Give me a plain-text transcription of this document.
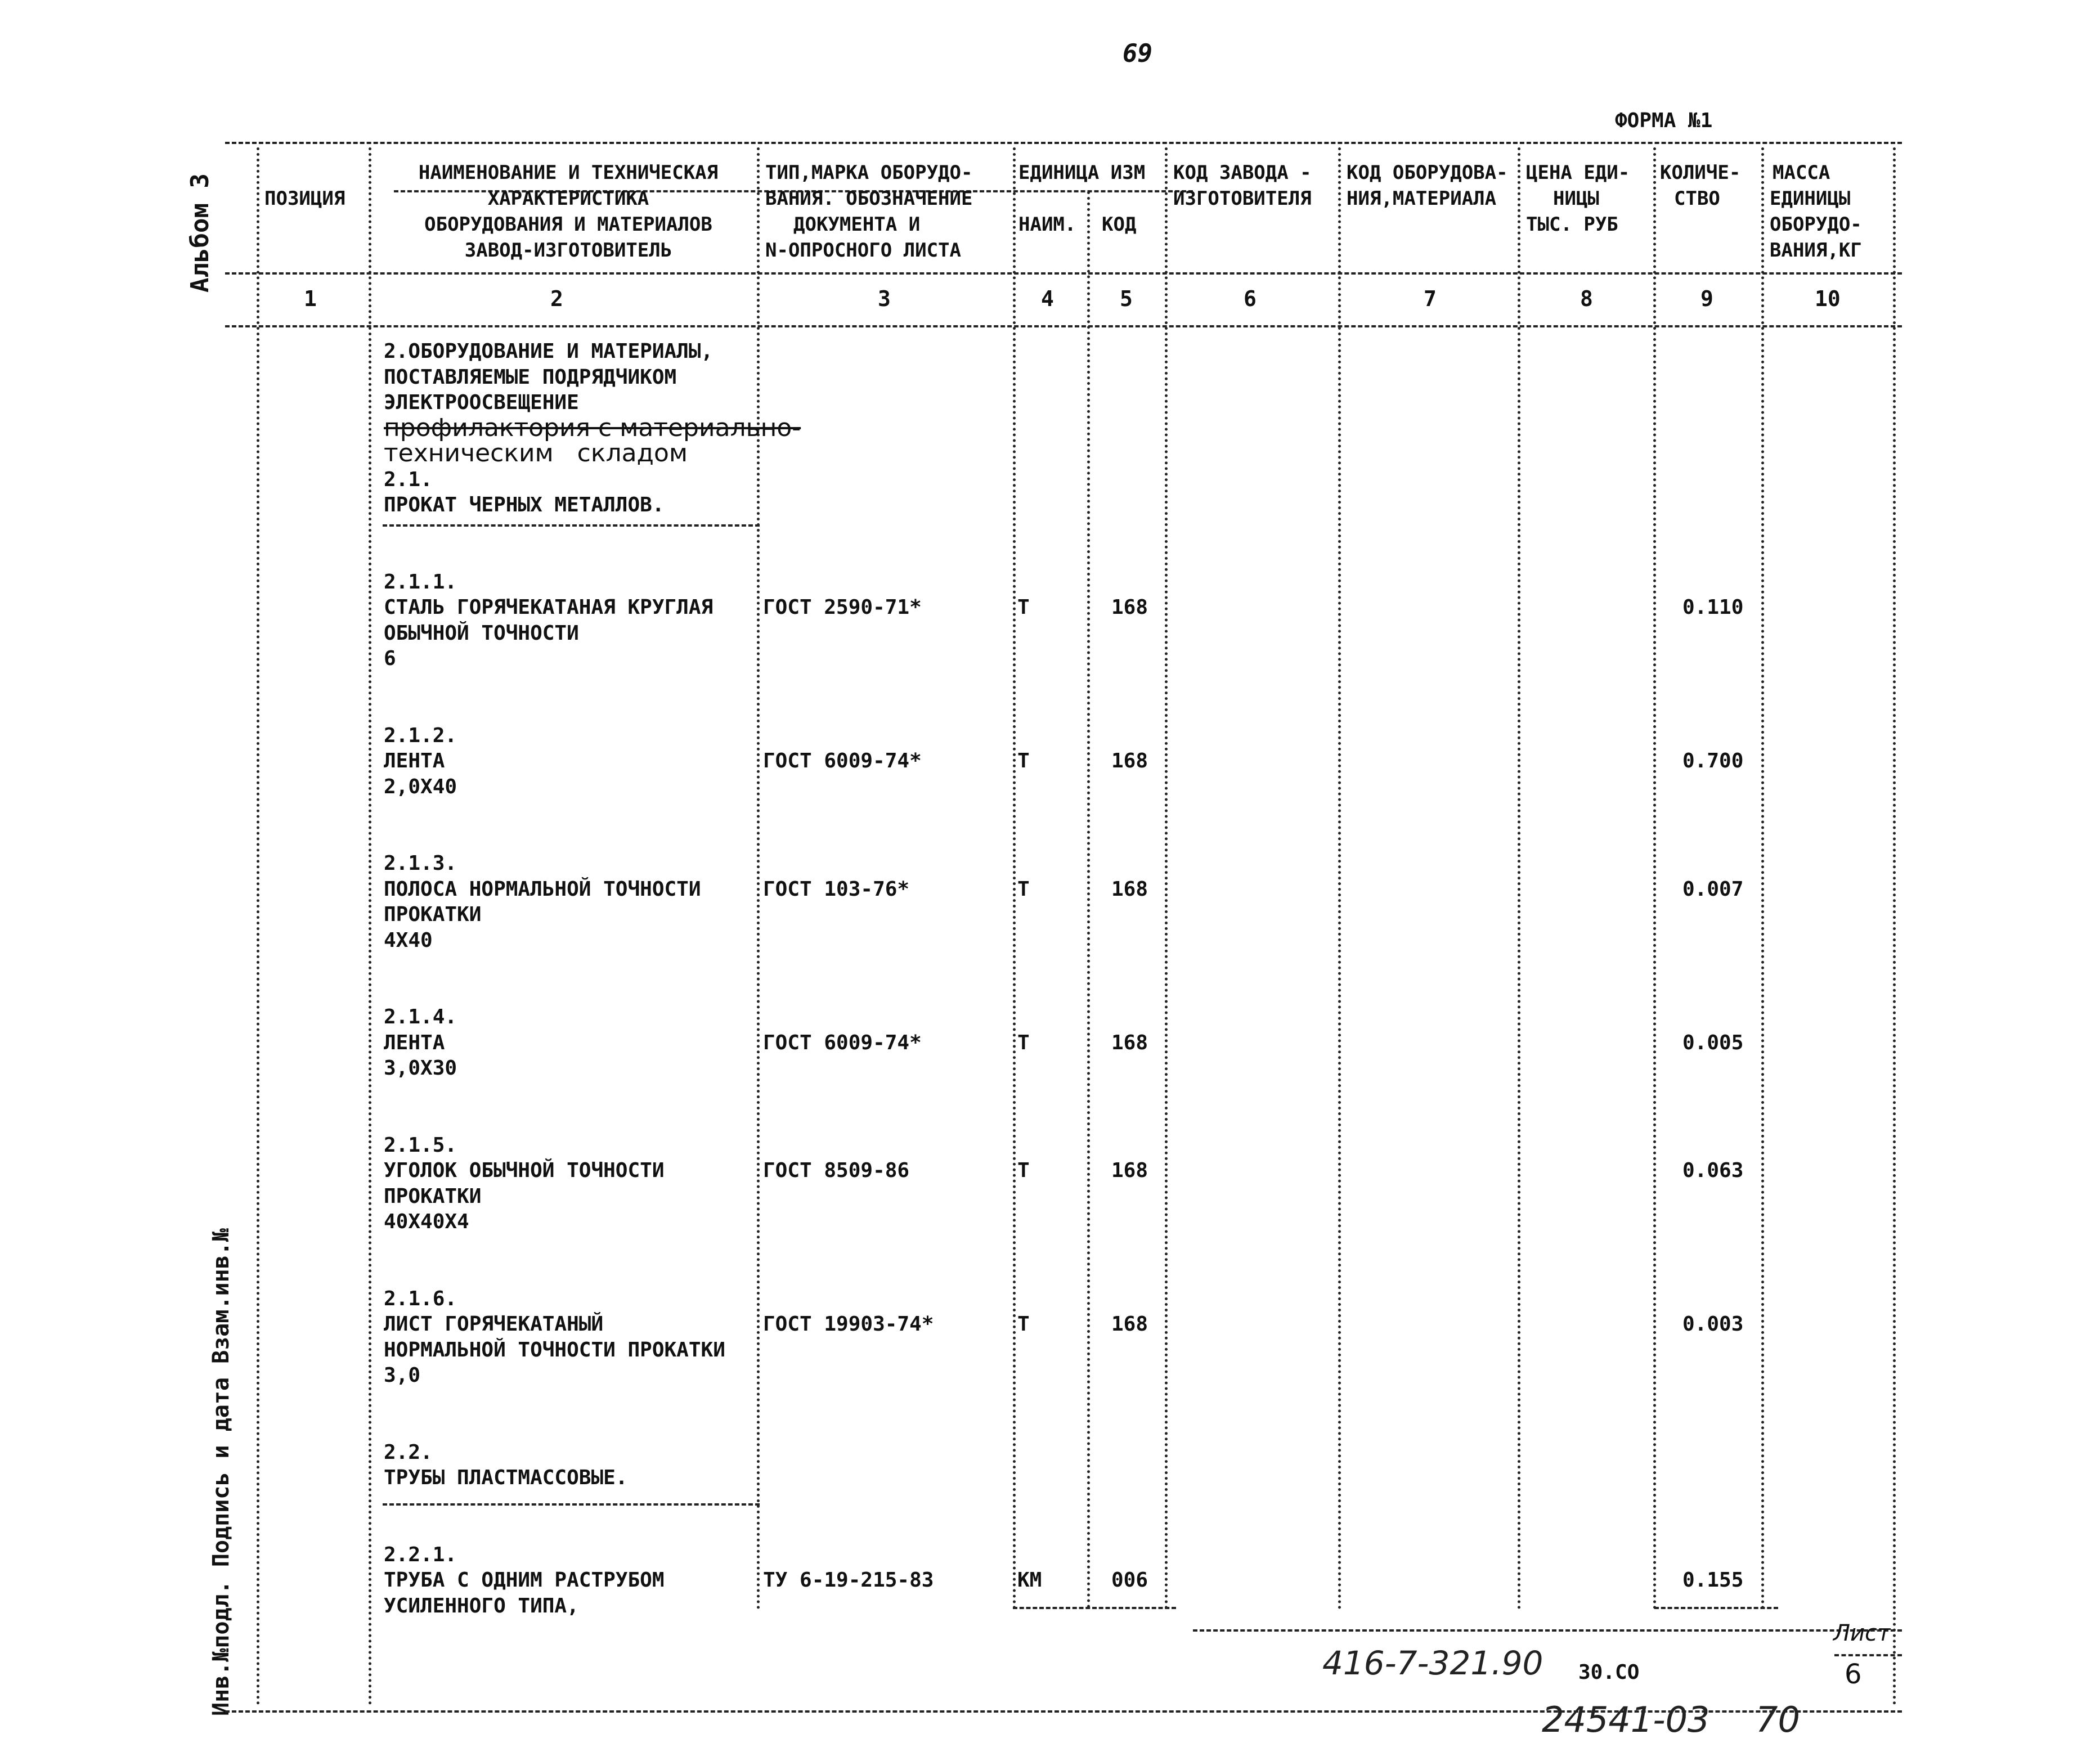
69
ФОРМА №1
Альбом 3
Инв.№подл. Подпись и дата Взам.инв.№
ПОЗИЦИЯ
НАИМЕНОВАНИЕ И ТЕХНИЧЕСКАЯ
ХАРАКТЕРИСТИКА
ОБОРУДОВАНИЯ И МАТЕРИАЛОВ
ЗАВОД-ИЗГОТОВИТЕЛЬ
ТИП,МАРКА ОБОРУДО-
ВАНИЯ. ОБОЗНАЧЕНИЕ
ДОКУМЕНТА И
N-ОПРОСНОГО ЛИСТА
ЕДИНИЦА ИЗМ
НАИМ. КОД
КОД ЗАВОДА -
ИЗГОТОВИТЕЛЯ
КОД ОБОРУДОВА-
НИЯ,МАТЕРИАЛА
ЦЕНА ЕДИ-
НИЦЫ
ТЫС. РУБ
КОЛИЧЕ-
СТВО
МАССА
ЕДИНИЦЫ
ОБОРУДО-
ВАНИЯ,КГ
1	2	3	4	5	6	7	8	9	10
2.ОБОРУДОВАНИЕ И МАТЕРИАЛЫ,
ПОСТАВЛЯЕМЫЕ ПОДРЯДЧИКОМ
ЭЛЕКТРООСВЕЩЕНИЕ
профилактория с материально-
техническим   складом
2.1.
ПРОКАТ ЧЕРНЫХ МЕТАЛЛОВ.
2.1.1.
СТАЛЬ ГОРЯЧЕКАТАНАЯ КРУГЛАЯ ГОСТ 2590-71*	Т	168	0.110
ОБЫЧНОЙ ТОЧНОСТИ
6
2.1.2.
ЛЕНТА	ГОСТ 6009-74*	Т	168	0.700
2,0Х40
2.1.3.
ПОЛОСА НОРМАЛЬНОЙ ТОЧНОСТИ	ГОСТ 103-76*	Т	168	0.007
ПРОКАТКИ
4Х40
2.1.4.
ЛЕНТА	ГОСТ 6009-74*	Т	168	0.005
3,0Х30
2.1.5.
УГОЛОК ОБЫЧНОЙ ТОЧНОСТИ	ГОСТ 8509-86	Т	168	0.063
ПРОКАТКИ
40Х40Х4
2.1.6.
ЛИСТ ГОРЯЧЕКАТАНЫЙ	ГОСТ 19903-74*	Т	168	0.003
НОРМАЛЬНОЙ ТОЧНОСТИ ПРОКАТКИ
3,0
2.2.
ТРУБЫ ПЛАСТМАССОВЫЕ.
2.2.1.
ТРУБА С ОДНИМ РАСТРУБОМ	ТУ 6-19-215-83	КМ	006	0.155
УСИЛЕННОГО ТИПА,
416-7-321.90 30.СО
Лист
6
24541-03 70
